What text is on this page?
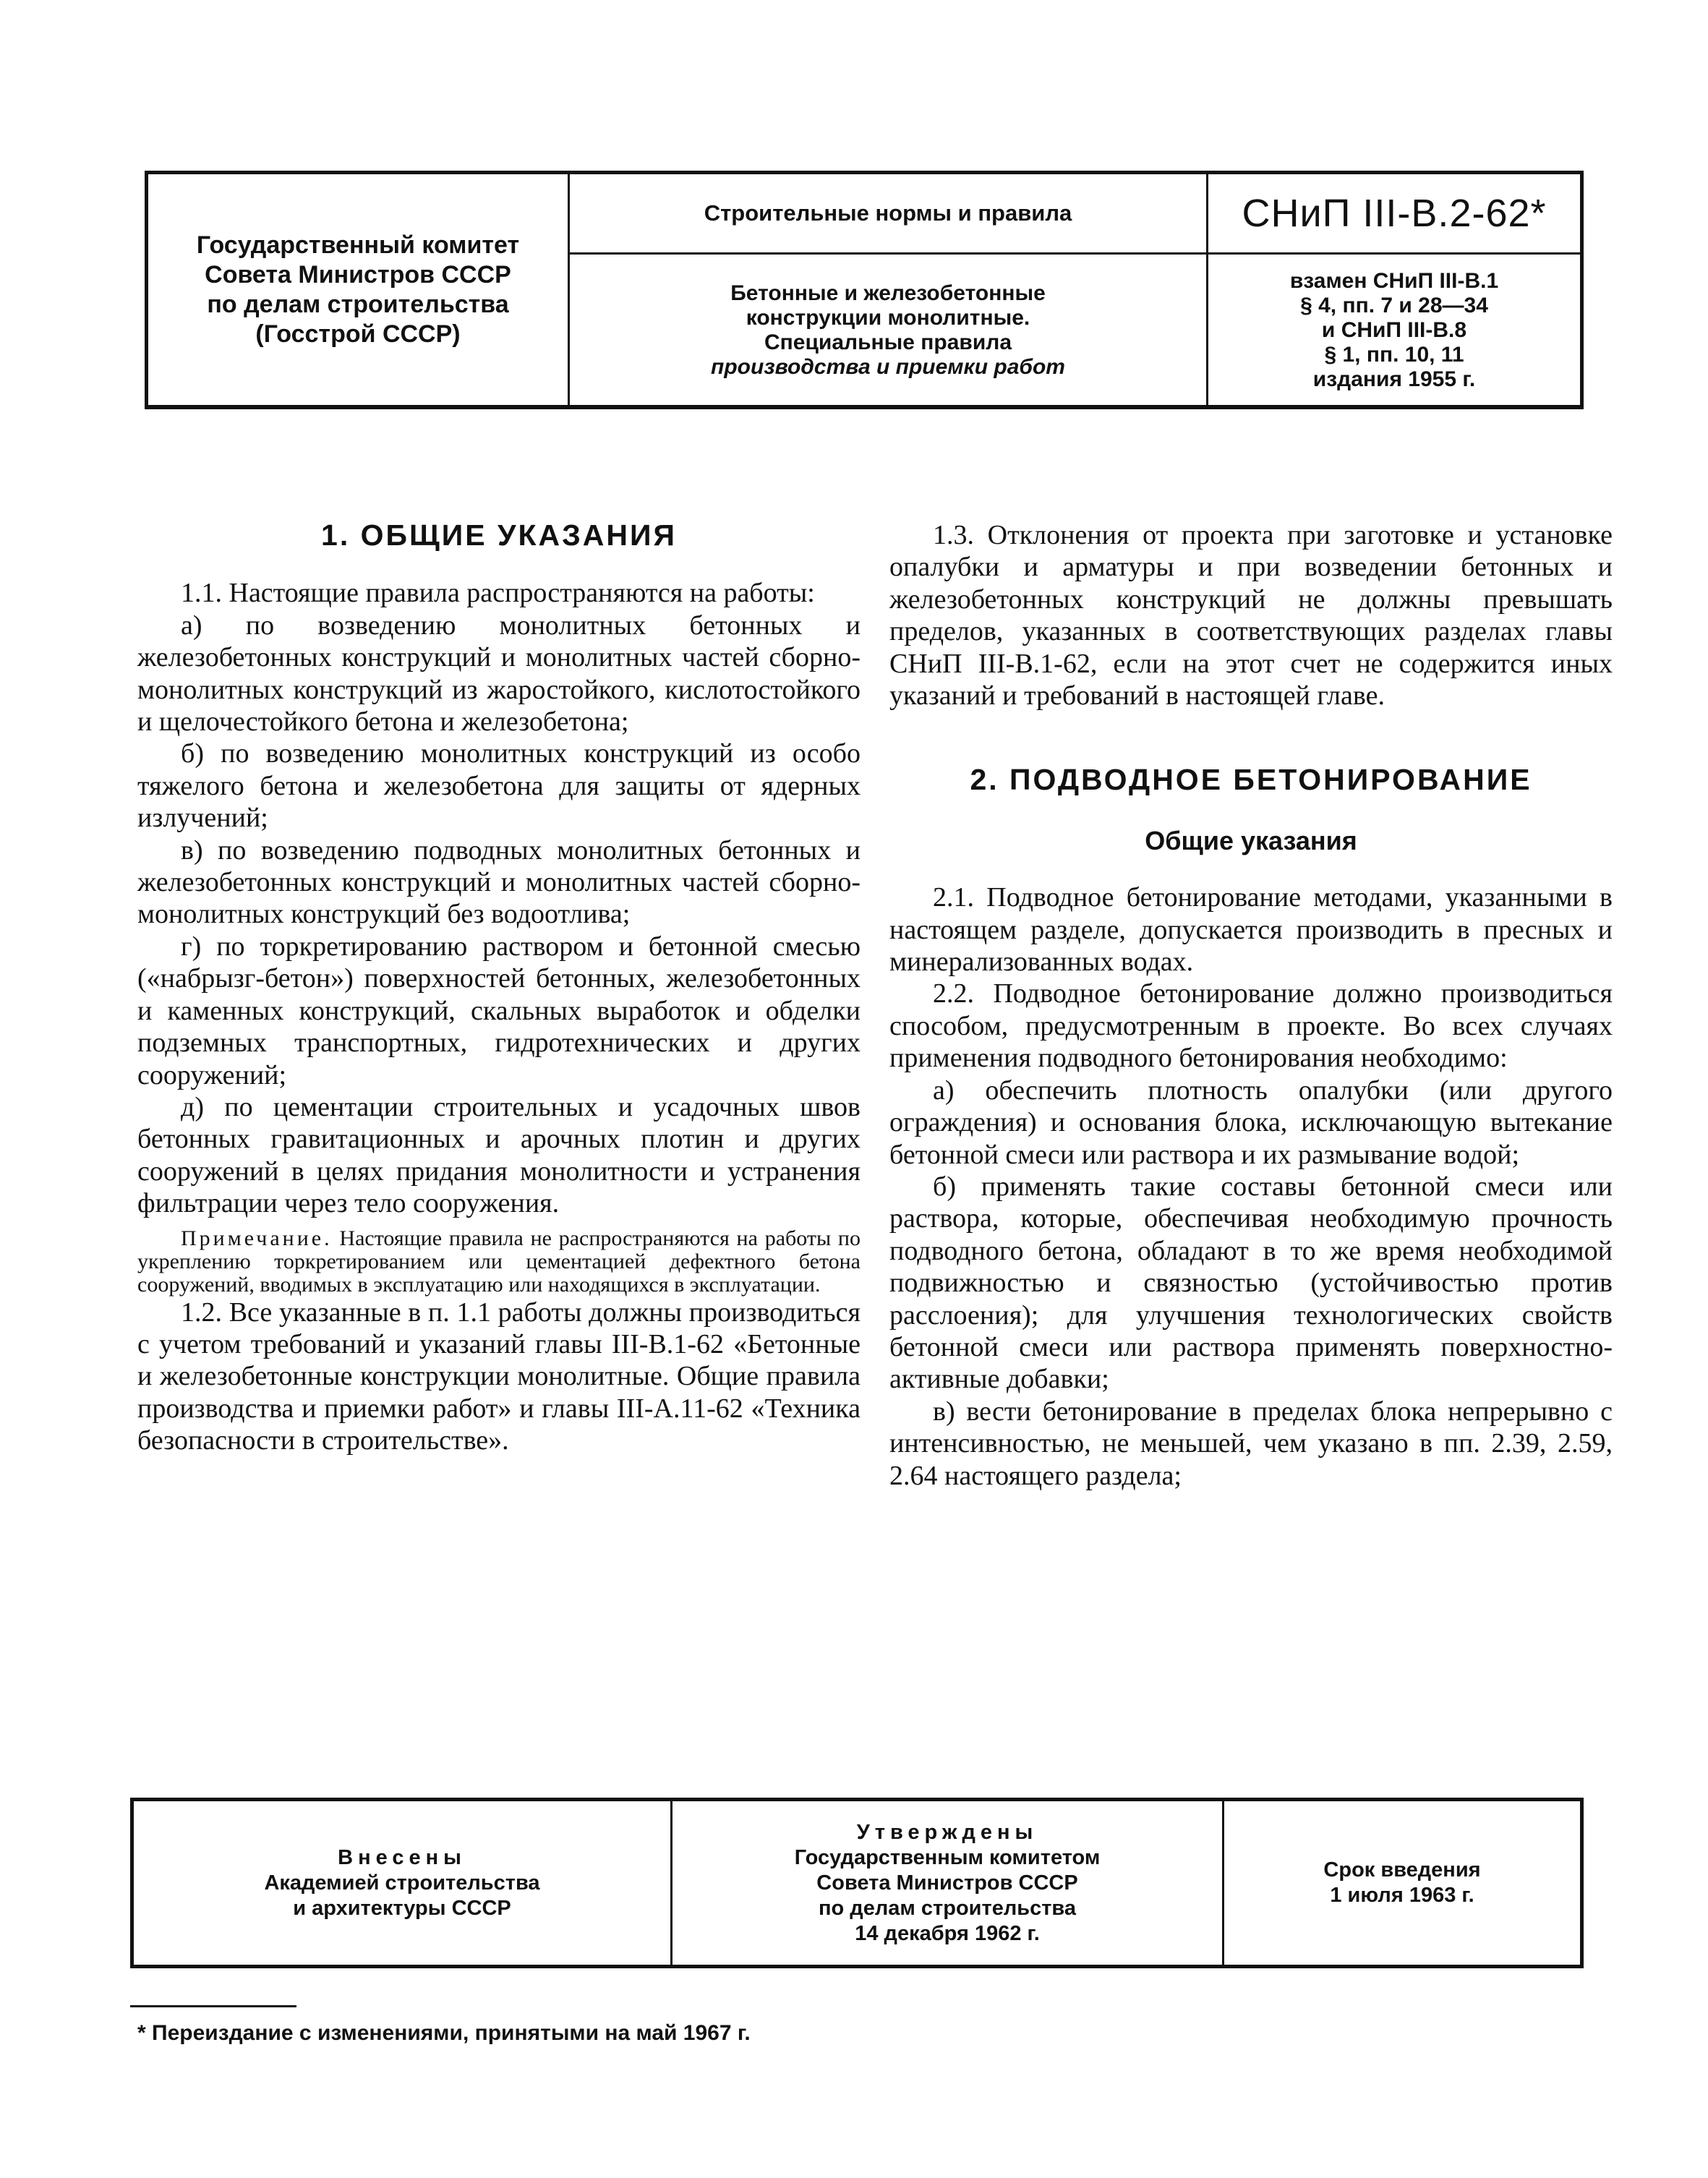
Государственный комитет
Совета Министров СССР
по делам строительства
(Госстрой СССР)
Строительные нормы и правила
Бетонные и железобетонные
конструкции монолитные.
Специальные правила
производства и приемки работ
СНиП III-В.2-62*
взамен СНиП III-В.1
§ 4, пп. 7 и 28—34
и СНиП III-В.8
§ 1, пп. 10, 11
издания 1955 г.
1. ОБЩИЕ УКАЗАНИЯ

1.1. Настоящие правила распространяются на работы:

а) по возведению монолитных бетонных и железобетонных конструкций и монолитных частей сборно-монолитных конструкций из жаростойкого, кислотостойкого и щелочестойкого бетона и железобетона;

б) по возведению монолитных конструкций из особо тяжелого бетона и железобетона для защиты от ядерных излучений;

в) по возведению подводных монолитных бетонных и железобетонных конструкций и монолитных частей сборно-монолитных конструкций без водоотлива;

г) по торкретированию раствором и бетонной смесью («набрызг-бетон») поверхностей бетонных, железобетонных и каменных конструкций, скальных выработок и обделки подземных транспортных, гидротехнических и других сооружений;

д) по цементации строительных и усадочных швов бетонных гравитационных и арочных плотин и других сооружений в целях придания монолитности и устранения фильтрации через тело сооружения.

Примечание. Настоящие правила не распространяются на работы по укреплению торкретированием или цементацией дефектного бетона сооружений, вводимых в эксплуатацию или находящихся в эксплуатации.

1.2. Все указанные в п. 1.1 работы должны производиться с учетом требований и указаний главы III-В.1-62 «Бетонные и железобетонные конструкции монолитные. Общие правила производства и приемки работ» и главы III-А.11-62 «Техника безопасности в строительстве».

1.3. Отклонения от проекта при заготовке и установке опалубки и арматуры и при возведении бетонных и железобетонных конструкций не должны превышать пределов, указанных в соответствующих разделах главы СНиП III-В.1-62, если на этот счет не содержится иных указаний и требований в настоящей главе.

2. ПОДВОДНОЕ БЕТОНИРОВАНИЕ
Общие указания

2.1. Подводное бетонирование методами, указанными в настоящем разделе, допускается производить в пресных и минерализованных водах.

2.2. Подводное бетонирование должно производиться способом, предусмотренным в проекте. Во всех случаях применения подводного бетонирования необходимо:

а) обеспечить плотность опалубки (или другого ограждения) и основания блока, исключающую вытекание бетонной смеси или раствора и их размывание водой;

б) применять такие составы бетонной смеси или раствора, которые, обеспечивая необходимую прочность подводного бетона, обладают в то же время необходимой подвижностью и связностью (устойчивостью против расслоения); для улучшения технологических свойств бетонной смеси или раствора применять поверхностно-активные добавки;

в) вести бетонирование в пределах блока непрерывно с интенсивностью, не меньшей, чем указано в пп. 2.39, 2.59, 2.64 настоящего раздела;

Внесены
Академией строительства
и архитектуры СССР
Утверждены
Государственным комитетом
Совета Министров СССР
по делам строительства
14 декабря 1962 г.
Срок введения
1 июля 1963 г.
* Переиздание с изменениями, принятыми на май 1967 г.
